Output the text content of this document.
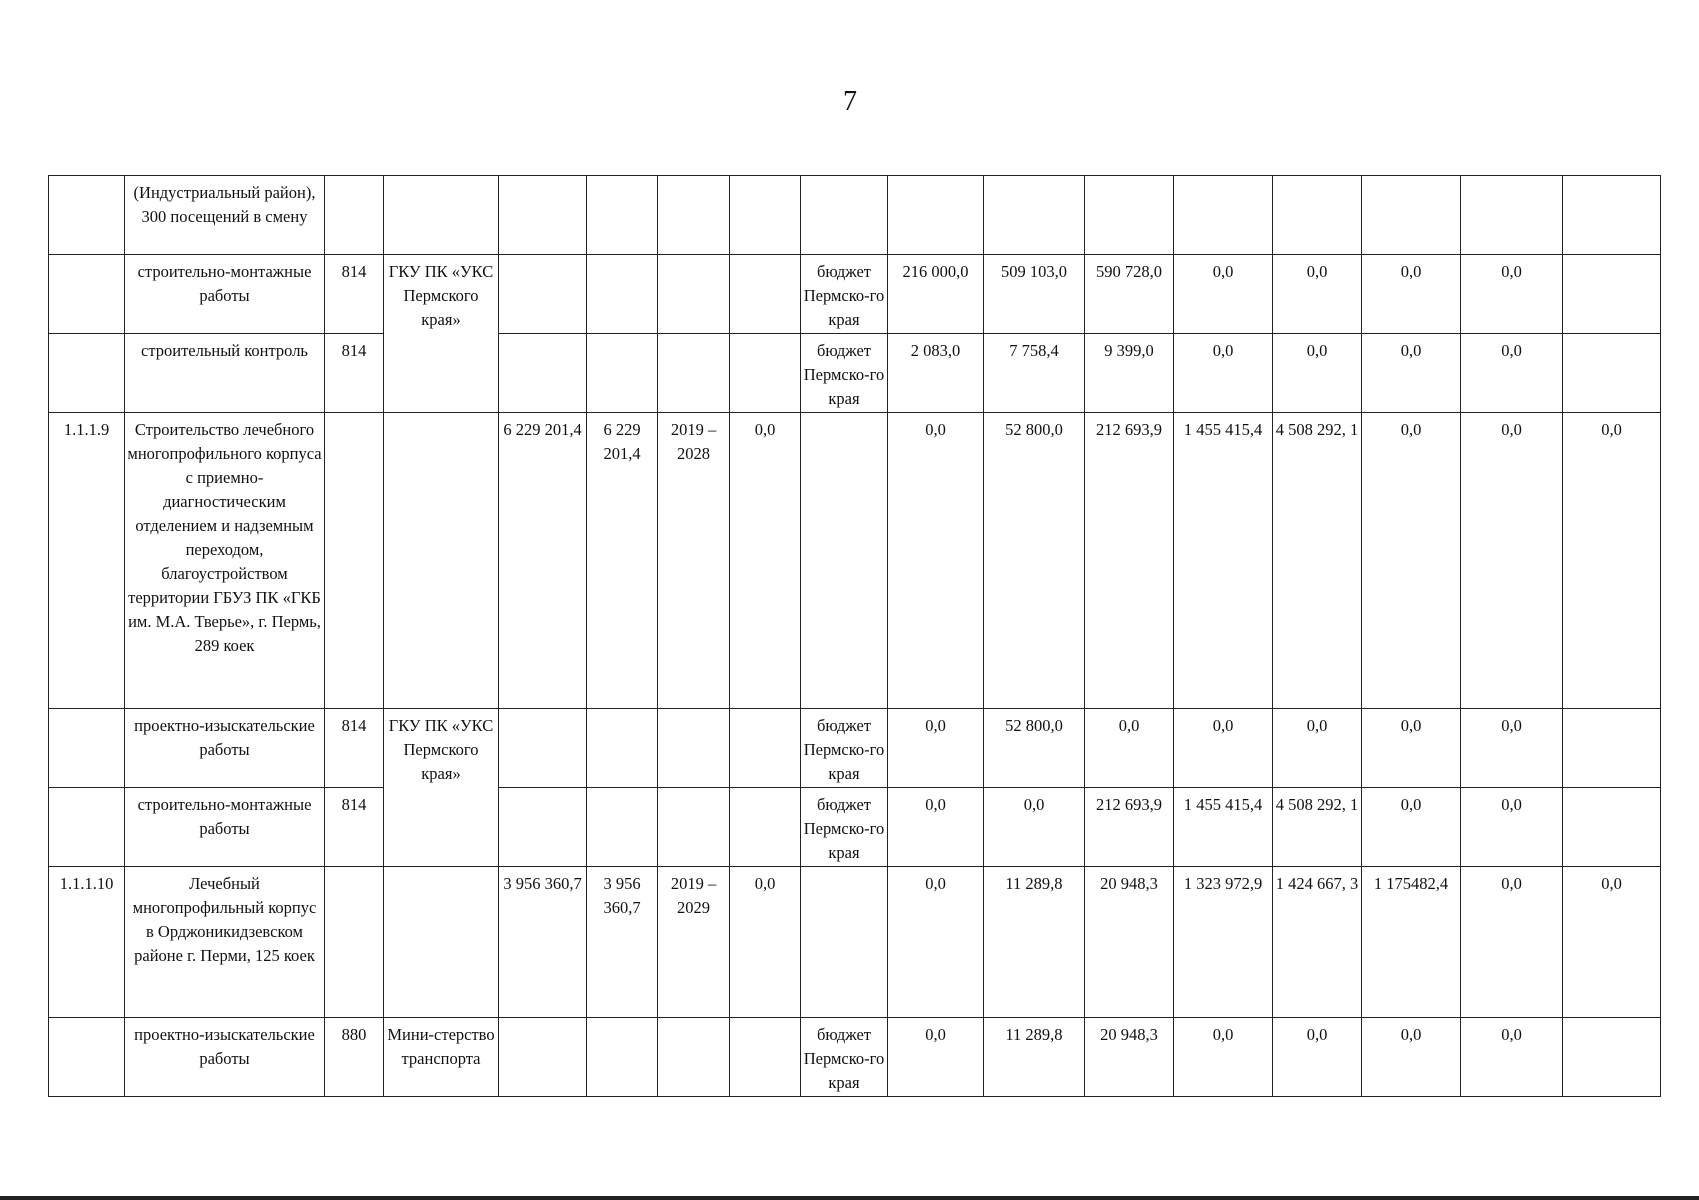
7
	(Индустриальный район), 300 посещений в смену															
	строительно-монтажные работы	814	ГКУ ПК «УКС Пермского края»					бюджет Пермско-го края	216 000,0	509 103,0	590 728,0	0,0	0,0	0,0	0,0	
	строительный контроль	814						бюджет Пермско-го края	2 083,0	7 758,4	9 399,0	0,0	0,0	0,0	0,0	
1.1.1.9	Строительство лечебного многопрофильного корпуса с приемно-диагностическим отделением и надземным переходом, благоустройством территории ГБУЗ ПК «ГКБ им. М.А. Тверье», г. Пермь, 289 коек			6 229 201,4	6 229 201,4	2019 – 2028	0,0		0,0	52 800,0	212 693,9	1 455 415,4	4 508 292, 1	0,0	0,0	0,0
	проектно-изыскательские работы	814	ГКУ ПК «УКС Пермского края»					бюджет Пермско-го края	0,0	52 800,0	0,0	0,0	0,0	0,0	0,0	
	строительно-монтажные работы	814						бюджет Пермско-го края	0,0	0,0	212 693,9	1 455 415,4	4 508 292, 1	0,0	0,0	
1.1.1.10	Лечебный многопрофильный корпус в Орджоникидзевском районе г. Перми, 125 коек			3 956 360,7	3 956 360,7	2019 – 2029	0,0		0,0	11 289,8	20 948,3	1 323 972,9	1 424 667, 3	1 175482,4	0,0	0,0
	проектно-изыскательские работы	880	Мини-стерство транспорта					бюджет Пермско-го края	0,0	11 289,8	20 948,3	0,0	0,0	0,0	0,0	
